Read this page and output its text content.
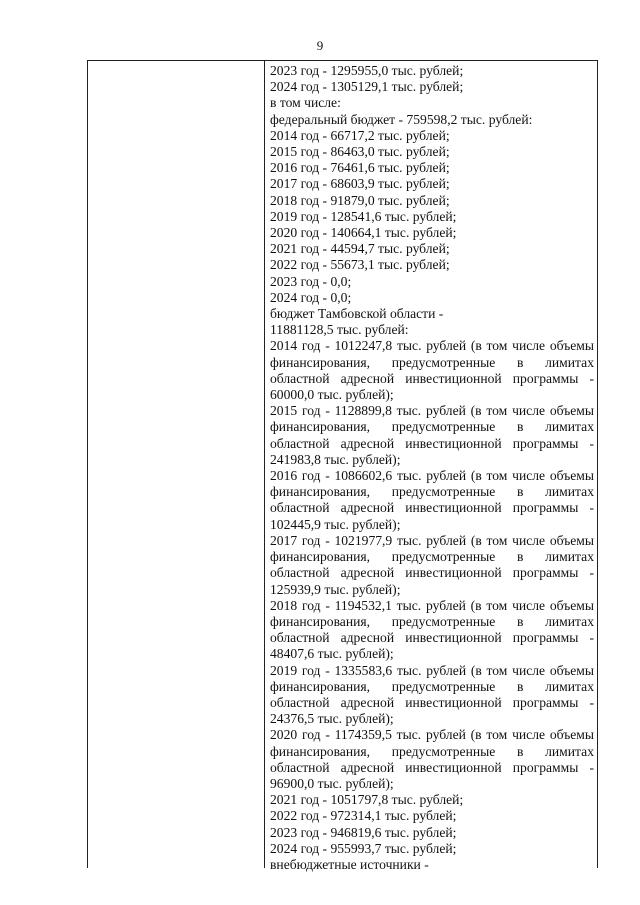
9
2023 год - 1295955,0 тыс. рублей;
2024 год - 1305129,1 тыс. рублей;
в том числе:
федеральный бюджет - 759598,2 тыс. рублей:
2014 год - 66717,2 тыс. рублей;
2015 год - 86463,0 тыс. рублей;
2016 год - 76461,6 тыс. рублей;
2017 год - 68603,9 тыс. рублей;
2018 год - 91879,0 тыс. рублей;
2019 год - 128541,6 тыс. рублей;
2020 год - 140664,1 тыс. рублей;
2021 год - 44594,7 тыс. рублей;
2022 год - 55673,1 тыс. рублей;
2023 год - 0,0;
2024 год - 0,0;
бюджет Тамбовской области -
11881128,5 тыс. рублей:
2014 год - 1012247,8 тыс. рублей (в том числе объемы финансирования, предусмотренные в лимитах областной адресной инвестиционной программы - 60000,0 тыс. рублей);
2015 год - 1128899,8 тыс. рублей (в том числе объемы финансирования, предусмотренные в лимитах областной адресной инвестиционной программы - 241983,8 тыс. рублей);
2016 год - 1086602,6 тыс. рублей (в том числе объемы финансирования, предусмотренные в лимитах областной адресной инвестиционной программы - 102445,9 тыс. рублей);
2017 год - 1021977,9 тыс. рублей (в том числе объемы финансирования, предусмотренные в лимитах областной адресной инвестиционной программы - 125939,9 тыс. рублей);
2018 год - 1194532,1 тыс. рублей (в том числе объемы финансирования, предусмотренные в лимитах областной адресной инвестиционной программы - 48407,6 тыс. рублей);
2019 год - 1335583,6 тыс. рублей (в том числе объемы финансирования, предусмотренные в лимитах областной адресной инвестиционной программы - 24376,5 тыс. рублей);
2020 год - 1174359,5 тыс. рублей (в том числе объемы финансирования, предусмотренные в лимитах областной адресной инвестиционной программы - 96900,0 тыс. рублей);
2021 год - 1051797,8 тыс. рублей;
2022 год - 972314,1 тыс. рублей;
2023 год - 946819,6 тыс. рублей;
2024 год - 955993,7 тыс. рублей;
внебюджетные источники -
